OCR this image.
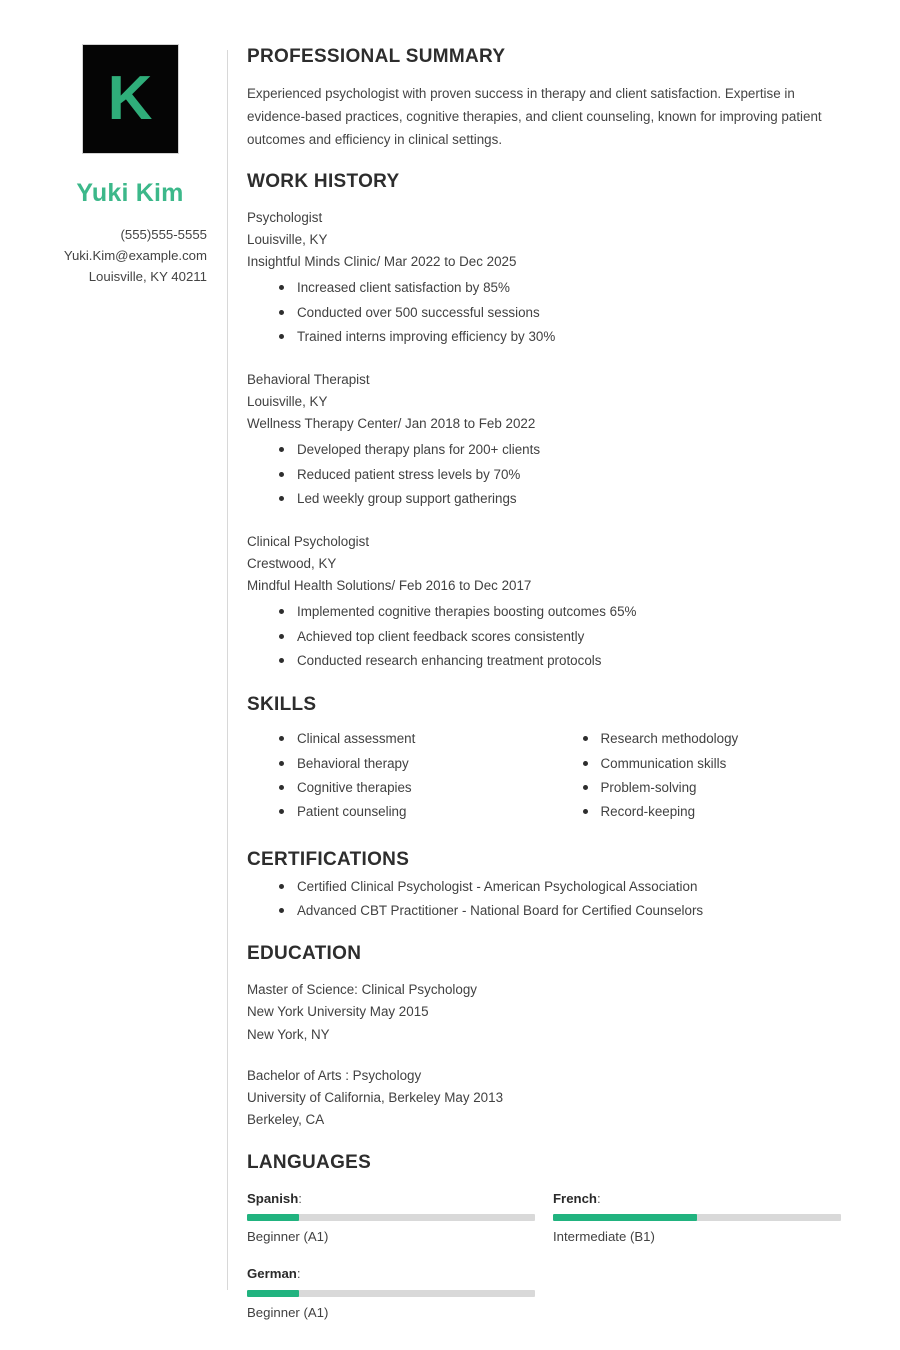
K
Yuki Kim
(555)555-5555
Yuki.Kim@example.com
Louisville, KY 40211
PROFESSIONAL SUMMARY

Experienced psychologist with proven success in therapy and client satisfaction. Expertise in evidence-based practices, cognitive therapies, and client counseling, known for improving patient outcomes and efficiency in clinical settings.

WORK HISTORY
Psychologist
Louisville, KY
Insightful Minds Clinic/ Mar 2022 to Dec 2025
Increased client satisfaction by 85%
Conducted over 500 successful sessions
Trained interns improving efficiency by 30%
Behavioral Therapist
Louisville, KY
Wellness Therapy Center/ Jan 2018 to Feb 2022
Developed therapy plans for 200+ clients
Reduced patient stress levels by 70%
Led weekly group support gatherings
Clinical Psychologist
Crestwood, KY
Mindful Health Solutions/ Feb 2016 to Dec 2017
Implemented cognitive therapies boosting outcomes 65%
Achieved top client feedback scores consistently
Conducted research enhancing treatment protocols
SKILLS
Clinical assessment
Behavioral therapy
Cognitive therapies
Patient counseling
Research methodology
Communication skills
Problem-solving
Record-keeping
CERTIFICATIONS
Certified Clinical Psychologist - American Psychological Association
Advanced CBT Practitioner - National Board for Certified Counselors
EDUCATION
Master of Science: Clinical Psychology
New York University May 2015
New York, NY
Bachelor of Arts : Psychology
University of California, Berkeley May 2013
Berkeley, CA
LANGUAGES
Spanish:
Beginner (A1)
French:
Intermediate (B1)
German:
Beginner (A1)
